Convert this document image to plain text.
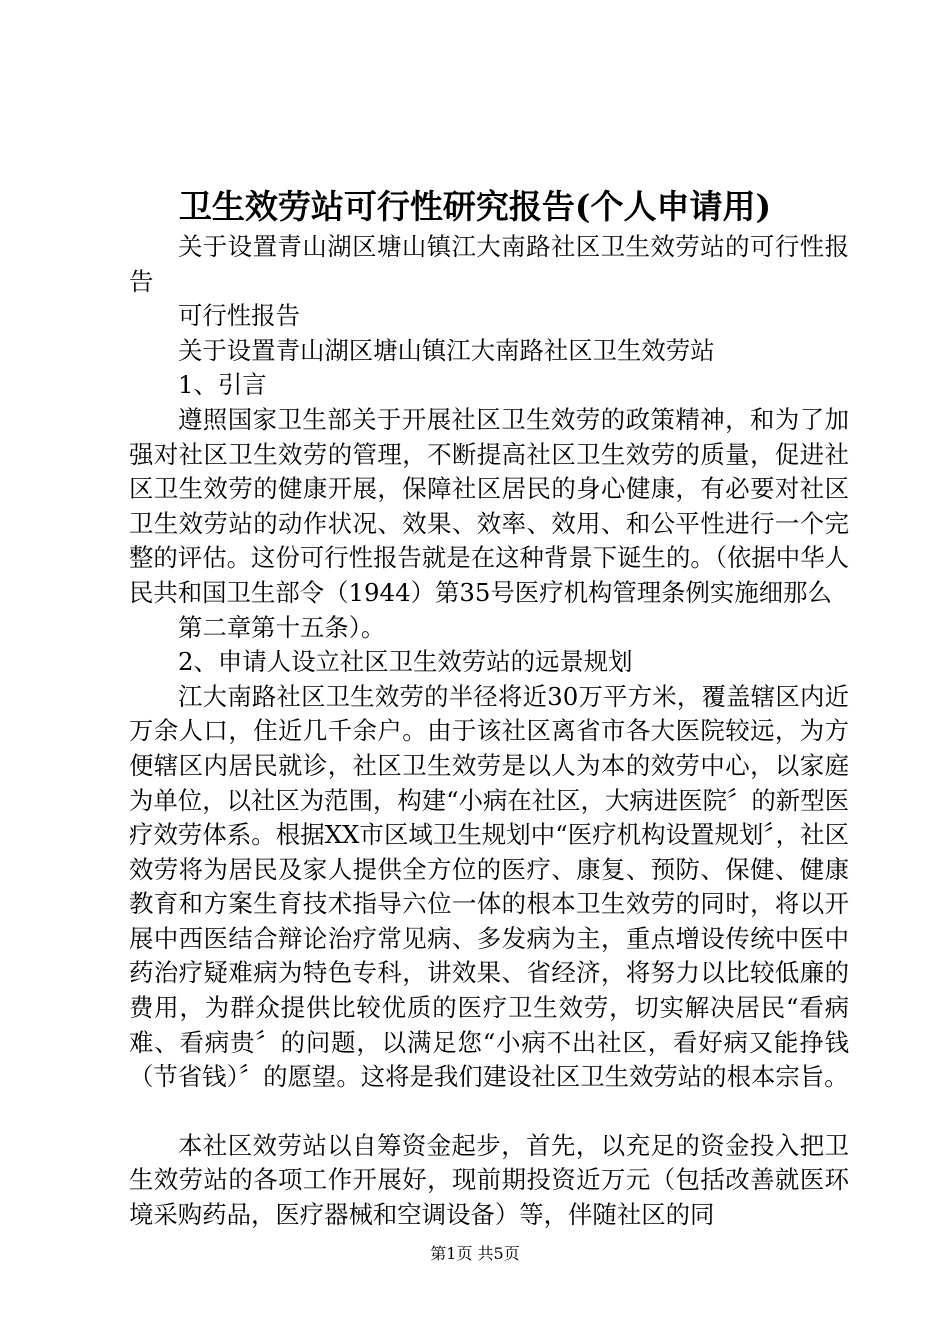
卫生效劳站可行性研究报告(个人申请用)

关于设置青山湖区塘山镇江大南路社区卫生效劳站的可行性报告

可行性报告

关于设置青山湖区塘山镇江大南路社区卫生效劳站

1、引言

遵照国家卫生部关于开展社区卫生效劳的政策精神，和为了加强对社区卫生效劳的管理，不断提高社区卫生效劳的质量，促进社区卫生效劳的健康开展，保障社区居民的身心健康，有必要对社区卫生效劳站的动作状况、效果、效率、效用、和公平性进行一个完整的评估。这份可行性报告就是在这种背景下诞生的。（依据中华人民共和国卫生部令（1944）第35号医疗机构管理条例实施细那么

第二章第十五条）。

2、申请人设立社区卫生效劳站的远景规划

江大南路社区卫生效劳的半径将近30万平方米，覆盖辖区内近万余人口，住近几千余户。由于该社区离省市各大医院较远，为方便辖区内居民就诊，社区卫生效劳是以人为本的效劳中心，以家庭为单位，以社区为范围，构建“小病在社区，大病进医院〞的新型医疗效劳体系。根据XX市区域卫生规划中“医疗机构设置规划〞，社区效劳将为居民及家人提供全方位的医疗、康复、预防、保健、健康教育和方案生育技术指导六位一体的根本卫生效劳的同时，将以开展中西医结合辩论治疗常见病、多发病为主，重点增设传统中医中药治疗疑难病为特色专科，讲效果、省经济，将努力以比较低廉的费用，为群众提供比较优质的医疗卫生效劳，切实解决居民“看病难、看病贵〞的问题，以满足您“小病不出社区，看好病又能挣钱（节省钱）〞的愿望。这将是我们建设社区卫生效劳站的根本宗旨。

本社区效劳站以自筹资金起步，首先，以充足的资金投入把卫生效劳站的各项工作开展好，现前期投资近万元（包括改善就医环境采购药品，医疗器械和空调设备）等，伴随社区的同

第1页 共5页
